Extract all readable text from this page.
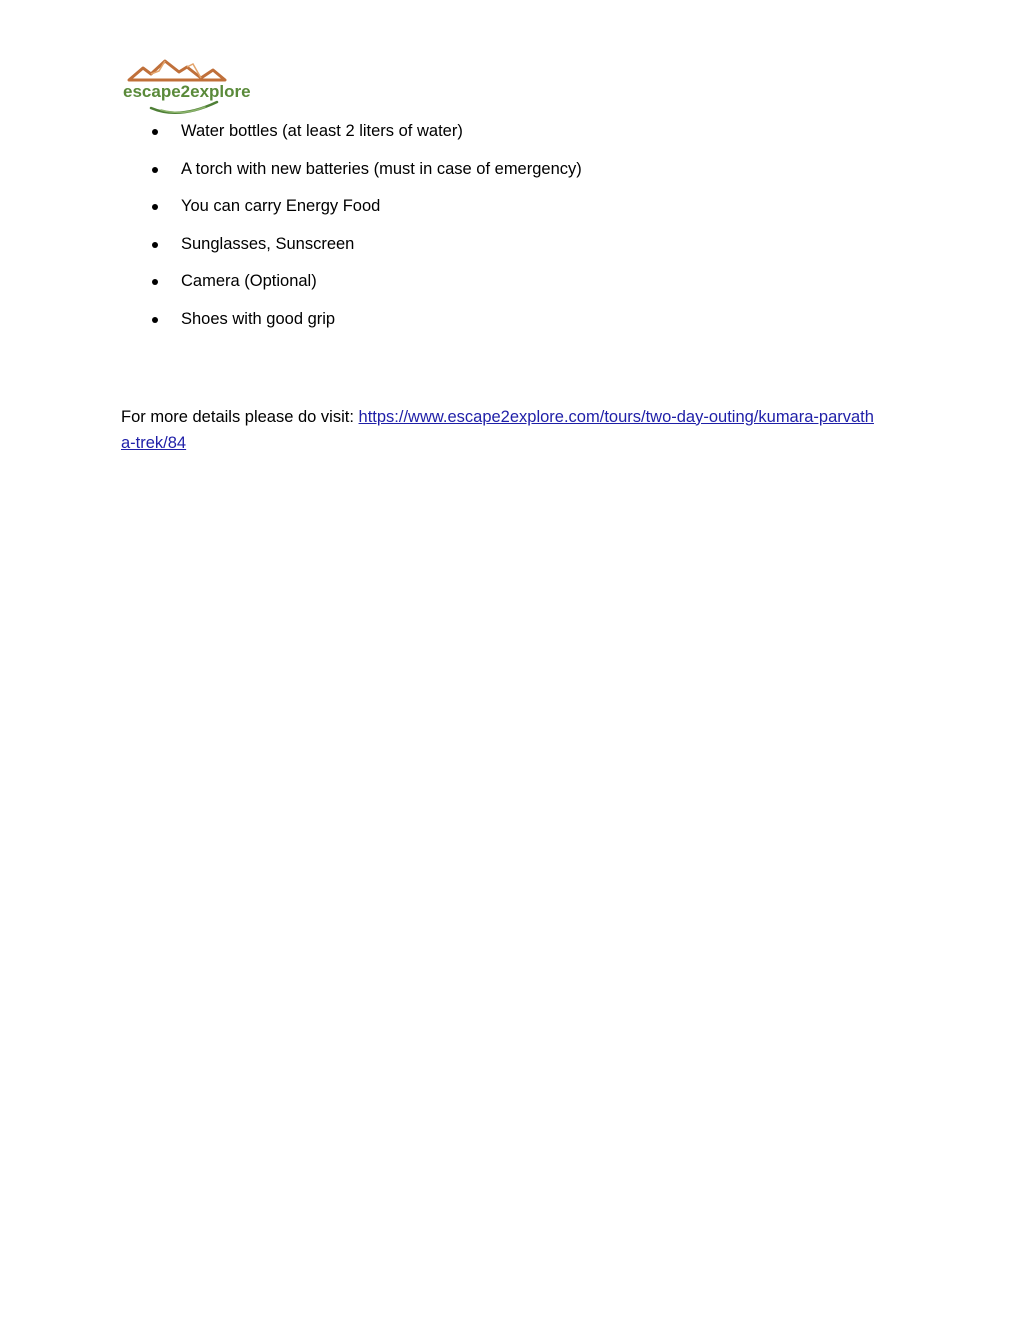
escape2explore
Water bottles (at least 2 liters of water)
A torch with new batteries (must in case of emergency)
You can carry Energy Food
Sunglasses, Sunscreen
Camera (Optional)
Shoes with good grip

For more details please do visit: https://www.escape2explore.com/tours/two-day-outing/kumara-parvatha-trek/84
